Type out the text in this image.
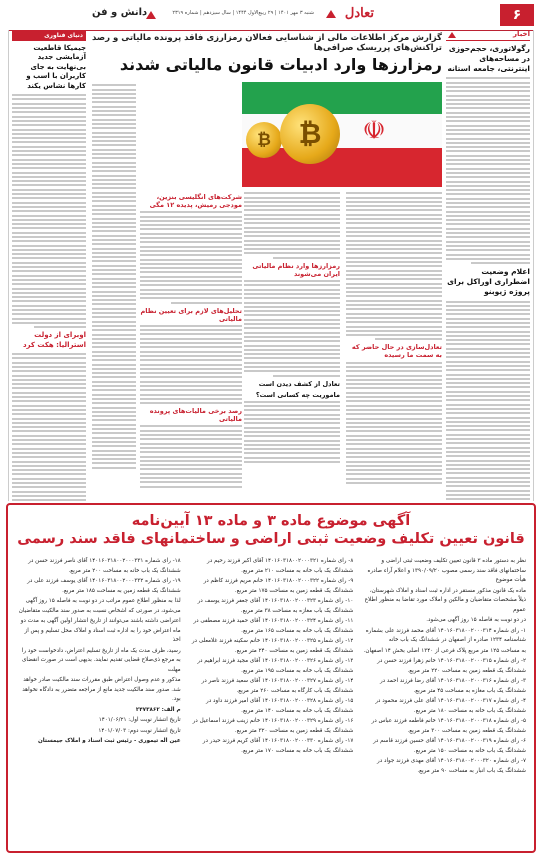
۶
تعادل
شنبه ۳ مهر ۱۴۰۱ | ۲۹ ربیع‌الاول ۱۴۴۴ | سال سیزدهم | شماره ۲۳۱۹
دانش و فن
اخبار
رگولاتوری، حجم‌حوزی در مساحه‌های اینترنتی، جامعه استانه
اعلام وضعیت اضطراری اوراکل برای پروژه ژیوبنو
دنیای فناوری
جیمیکا قاطعیت آزمایشی جدید بی‌نهایت به جای کاربران با اسب و کارها نشاس یکند
اوبر‌ای از دولت استرالیا: هکت کرد
گزارش مرکز اطلاعات مالی از شناسایی فعالان رمزارزی فاقد پرونده مالیاتی و رصد تراکنش‌های پرریسک صرافی‌ها
رمزارزها وارد ادبیات قانون مالیاتی شدند
☫
₿ ₿
تعادل‌سازی در حال حاضر که به سمت ما رسیده
رمزارزها وارد نظام مالیاتی ایران می‌شوند
تعادل از کشف دیدن است
ماموریت چه کسانی است؟
شرکت‌های انگلیسی بنزین، مودجی رمیش، پدیده ۱۲ مگی
تحلیل‌های لازم برای تعیین نظام مالیاتی
رصد برخی مالیات‌های پرونده مالیاتی
آگهی موضوع ماده ۳ و ماده ۱۳ آیین‌نامه
قانون تعیین تکلیف وضعیت ثبتی اراضی و ساختمانهای فاقد سند رسمی

نظر به دستور ماده ۳ قانون تعیین تکلیف وضعیت ثبتی اراضی و ساختمانهای فاقد سند رسمی مصوب ۱۳۹۰/۰۹/۲۰ و اعلام آراء صادره هیأت موضوع

ماده یک قانون مذکور مستقر در اداره ثبت اسناد و املاک شهرستان، ذیلاً مشخصات متقاضیان و مالکین و املاک مورد تقاضا به منظور اطلاع عموم

در دو نوبت به فاصله ۱۵ روز آگهی می‌شود.

۱- رای شماره ۱۴۰۱۶۰۳۱۸۰۰۲۰۰۰۳۱۴ آقای محمد فرزند علی بشماره شناسنامه ۱۲۳۴ صادره از اصفهان در ششدانگ یک باب خانه

به مساحت ۱۲۵ متر مربع پلاک فرعی از ۱۳۴۰ اصلی بخش ۱۴ اصفهان.

۲- رای شماره ۱۴۰۱۶۰۳۱۸۰۰۲۰۰۰۳۱۵ خانم زهرا فرزند حسن در ششدانگ یک قطعه زمین به مساحت ۲۲۰ متر مربع.

۳- رای شماره ۱۴۰۱۶۰۳۱۸۰۰۲۰۰۰۳۱۶ آقای رضا فرزند احمد در ششدانگ یک باب مغازه به مساحت ۴۵ متر مربع.

۴- رای شماره ۱۴۰۱۶۰۳۱۸۰۰۲۰۰۰۳۱۷ آقای علی فرزند محمود در ششدانگ یک باب خانه به مساحت ۱۸۰ متر مربع.

۵- رای شماره ۱۴۰۱۶۰۳۱۸۰۰۲۰۰۰۳۱۸ خانم فاطمه فرزند عباس در ششدانگ یک قطعه زمین به مساحت ۳۰۰ متر مربع.

۶- رای شماره ۱۴۰۱۶۰۳۱۸۰۰۲۰۰۰۳۱۹ آقای حسین فرزند قاسم در ششدانگ یک باب خانه به مساحت ۱۵۰ متر مربع.

۷- رای شماره ۱۴۰۱۶۰۳۱۸۰۰۲۰۰۰۳۲۰ آقای مهدی فرزند جواد در ششدانگ یک باب انبار به مساحت ۹۰ متر مربع.

۸- رای شماره ۱۴۰۱۶۰۳۱۸۰۰۲۰۰۰۳۲۱ آقای اکبر فرزند رحیم در ششدانگ یک باب خانه به مساحت ۲۱۰ متر مربع.

۹- رای شماره ۱۴۰۱۶۰۳۱۸۰۰۲۰۰۰۳۲۲ خانم مریم فرزند کاظم در ششدانگ یک قطعه زمین به مساحت ۱۷۵ متر مربع.

۱۰- رای شماره ۱۴۰۱۶۰۳۱۸۰۰۲۰۰۰۳۲۳ آقای جعفر فرزند یوسف در ششدانگ یک باب مغازه به مساحت ۳۸ متر مربع.

۱۱- رای شماره ۱۴۰۱۶۰۳۱۸۰۰۲۰۰۰۳۲۴ آقای حمید فرزند مصطفی در ششدانگ یک باب خانه به مساحت ۱۶۵ متر مربع.

۱۲- رای شماره ۱۴۰۱۶۰۳۱۸۰۰۲۰۰۰۳۲۵ خانم سکینه فرزند غلامعلی در ششدانگ یک قطعه زمین به مساحت ۲۴۰ متر مربع.

۱۳- رای شماره ۱۴۰۱۶۰۳۱۸۰۰۲۰۰۰۳۲۶ آقای مجید فرزند ابراهیم در ششدانگ یک باب خانه به مساحت ۱۹۵ متر مربع.

۱۴- رای شماره ۱۴۰۱۶۰۳۱۸۰۰۲۰۰۰۳۲۷ آقای سعید فرزند ناصر در ششدانگ یک باب کارگاه به مساحت ۲۶۰ متر مربع.

۱۵- رای شماره ۱۴۰۱۶۰۳۱۸۰۰۲۰۰۰۳۲۸ آقای امیر فرزند داود در ششدانگ یک باب خانه به مساحت ۱۴۰ متر مربع.

۱۶- رای شماره ۱۴۰۱۶۰۳۱۸۰۰۲۰۰۰۳۲۹ خانم زینب فرزند اسماعیل در ششدانگ یک قطعه زمین به مساحت ۳۲۰ متر مربع.

۱۷- رای شماره ۱۴۰۱۶۰۳۱۸۰۰۲۰۰۰۳۳۰ آقای کریم فرزند حیدر در ششدانگ یک باب خانه به مساحت ۱۷۰ متر مربع.

۱۸- رای شماره ۱۴۰۱۶۰۳۱۸۰۰۲۰۰۰۳۳۱ آقای ناصر فرزند حسن در ششدانگ یک باب خانه به مساحت ۲۰۰ متر مربع.

۱۹- رای شماره ۱۴۰۱۶۰۳۱۸۰۰۲۰۰۰۳۳۲ آقای یوسف فرزند علی در ششدانگ یک قطعه زمین به مساحت ۱۸۵ متر مربع.

لذا به منظور اطلاع عموم مراتب در دو نوبت به فاصله ۱۵ روز آگهی می‌شود، در صورتی که اشخاص نسبت به صدور سند مالکیت متقاضیان

اعتراضی داشته باشند می‌توانند از تاریخ انتشار اولین آگهی به مدت دو ماه اعتراض خود را به اداره ثبت اسناد و املاک محل تسلیم و پس از اخذ

رسید، ظرف مدت یک ماه از تاریخ تسلیم اعتراض، دادخواست خود را به مرجع ذی‌صلاح قضایی تقدیم نمایند. بدیهی است در صورت انقضای مهلت

مذکور و عدم وصول اعتراض طبق مقررات سند مالکیت صادر خواهد شد. صدور سند مالکیت جدید مانع از مراجعه متضرر به دادگاه نخواهد بود.

م الف: ۲۴۷۳۸۶۲

تاریخ انتشار نوبت اول: ۱۴۰۱/۰۶/۲۱

تاریخ انتشار نوبت دوم: ۱۴۰۱/۰۷/۰۳

عین اله تیموری - رئیس ثبت اسناد و املاک جیمستان
